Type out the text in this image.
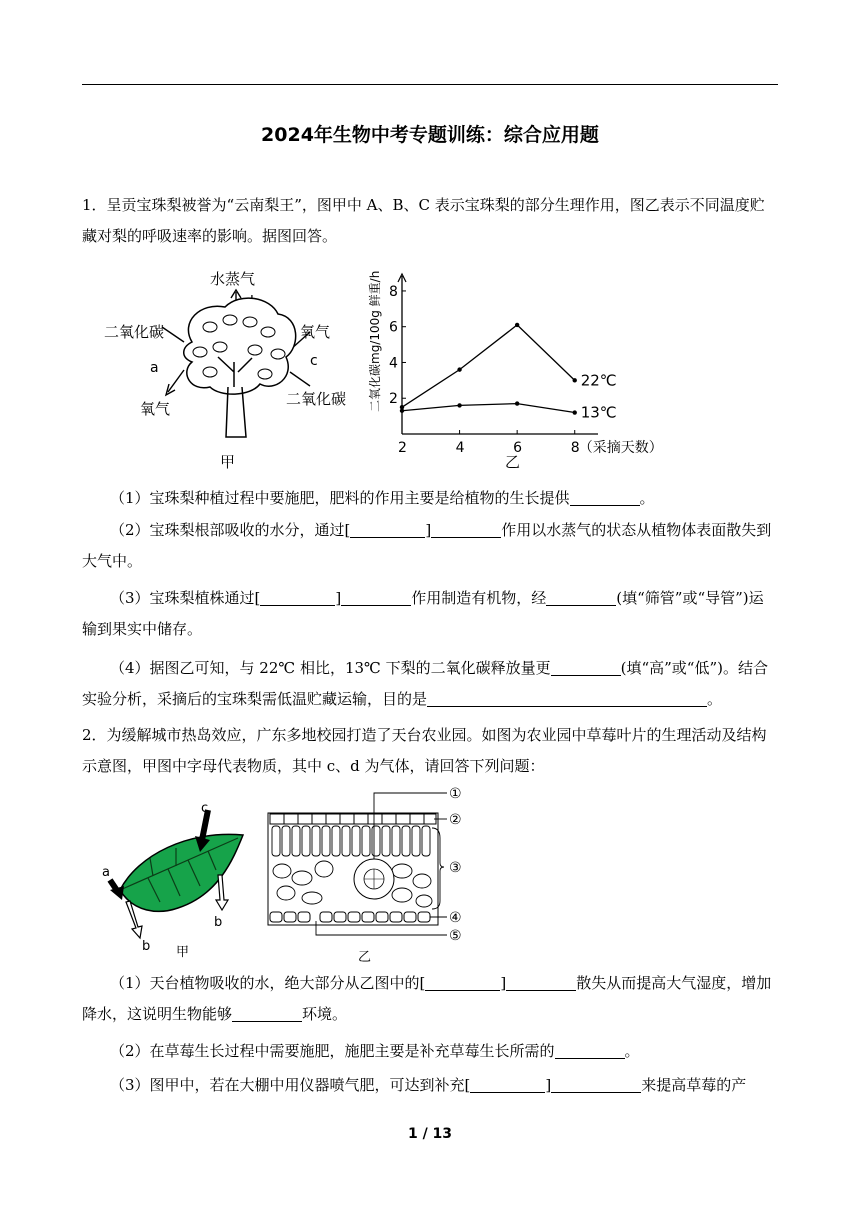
2024年生物中考专题训练：综合应用题
1．呈贡宝珠梨被誉为“云南梨王”，图甲中 A、B、C 表示宝珠梨的部分生理作用，图乙表示不同温度贮藏对梨的呼吸速率的影响。据图回答。
水蒸气
二氧化碳
a
氧气
氧气
c
二氧化碳
甲
二氧化碳mg/100g 鲜重/h
2	4	6	8
2
4
6
8
（采摘天数）
22℃
13℃
乙
（1）宝珠梨种植过程中要施肥，肥料的作用主要是给植物的生长提供	。
（2）宝珠梨根部吸收的水分，通过[	]	作用以水蒸气的状态从植物体表面散失到大气中。
（3）宝珠梨植株通过[	]	作用制造有机物，经	(填“筛管”或“导管”)运输到果实中储存。
（4）据图乙可知，与 22℃ 相比，13℃ 下梨的二氧化碳释放量更	(填“高”或“低”)。结合实验分析，采摘后的宝珠梨需低温贮藏运输，目的是	。
2．为缓解城市热岛效应，广东多地校园打造了天台农业园。如图为农业园中草莓叶片的生理活动及结构示意图，甲图中字母代表物质，其中 c、d 为气体，请回答下列问题：
c
a
b
b 甲
①
②
③
④
⑤
乙
（1）天台植物吸收的水，绝大部分从乙图中的[	]	散失从而提高大气湿度，增加降水，这说明生物能够	环境。
（2）在草莓生长过程中需要施肥，施肥主要是补充草莓生长所需的	。
（3）图甲中，若在大棚中用仪器喷气肥，可达到补充[	]	来提高草莓的产
1 / 13
